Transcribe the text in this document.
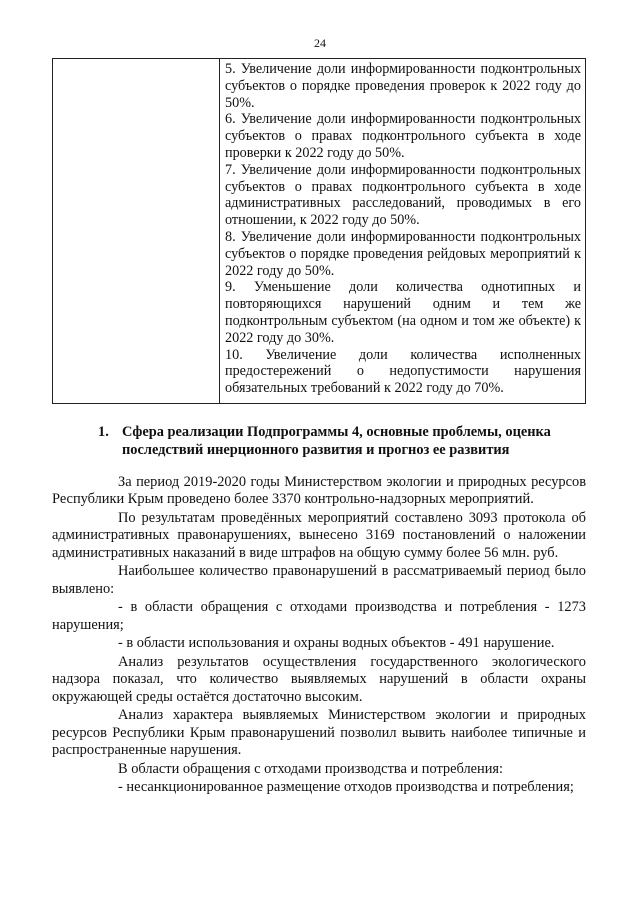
24
5. Увеличение доли информированности подконтрольных субъектов о порядке проведения проверок к 2022 году до 50%.
6. Увеличение доли информированности подконтрольных субъектов о правах подконтрольного субъекта в ходе проверки к 2022 году до 50%.
7. Увеличение доли информированности подконтрольных субъектов о правах подконтрольного субъекта в ходе административных расследований, проводимых в его отношении, к 2022 году до 50%.
8. Увеличение доли информированности подконтрольных субъектов о порядке проведения рейдовых мероприятий к 2022 году до 50%.
9. Уменьшение доли количества однотипных и повторяющихся нарушений одним и тем же подконтрольным субъектом (на одном и том же объекте) к 2022 году до 30%.
10. Увеличение доли количества исполненных предостережений о недопустимости нарушения обязательных требований к 2022 году до 70%.
1. Сфера реализации Подпрограммы 4, основные проблемы, оценка последствий инерционного развития и прогноз ее развития

За период 2019-2020 годы Министерством экологии и природных ресурсов Республики Крым проведено более 3370 контрольно-надзорных мероприятий.

По результатам проведённых мероприятий составлено 3093 протокола об административных правонарушениях, вынесено 3169 постановлений о наложении административных наказаний в виде штрафов на общую сумму более 56 млн. руб.

Наибольшее количество правонарушений в рассматриваемый период было выявлено:

- в области обращения с отходами производства и потребления - 1273 нарушения;

- в области использования и охраны водных объектов - 491 нарушение.

Анализ результатов осуществления государственного экологического надзора показал, что количество выявляемых нарушений в области охраны окружающей среды остаётся достаточно высоким.

Анализ характера выявляемых Министерством экологии и природных ресурсов Республики Крым правонарушений позволил вывить наиболее типичные и распространенные нарушения.

В области обращения с отходами производства и потребления:

- несанкционированное размещение отходов производства и потребления;
